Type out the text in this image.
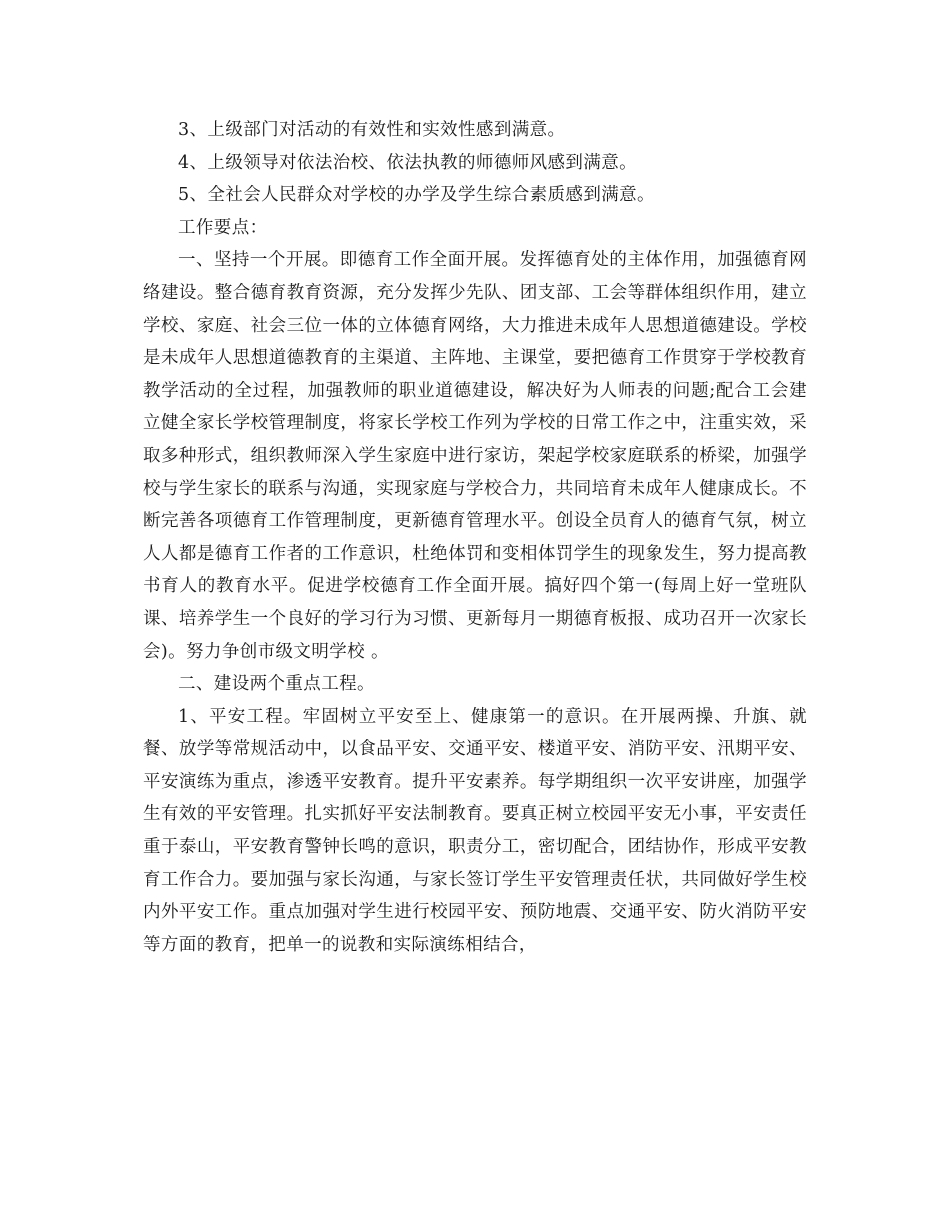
3、上级部门对活动的有效性和实效性感到满意。

4、上级领导对依法治校、依法执教的师德师风感到满意。

5、全社会人民群众对学校的办学及学生综合素质感到满意。

工作要点：

一、坚持一个开展。即德育工作全面开展。发挥德育处的主体作用，加强德育网络建设。整合德育教育资源，充分发挥少先队、团支部、工会等群体组织作用，建立学校、家庭、社会三位一体的立体德育网络，大力推进未成年人思想道德建设。学校是未成年人思想道德教育的主渠道、主阵地、主课堂，要把德育工作贯穿于学校教育教学活动的全过程，加强教师的职业道德建设，解决好为人师表的问题;配合工会建立健全家长学校管理制度，将家长学校工作列为学校的日常工作之中，注重实效，采取多种形式，组织教师深入学生家庭中进行家访，架起学校家庭联系的桥梁，加强学校与学生家长的联系与沟通，实现家庭与学校合力，共同培育未成年人健康成长。不断完善各项德育工作管理制度，更新德育管理水平。创设全员育人的德育气氛，树立人人都是德育工作者的工作意识，杜绝体罚和变相体罚学生的现象发生，努力提高教书育人的教育水平。促进学校德育工作全面开展。搞好四个第一(每周上好一堂班队课、培养学生一个良好的学习行为习惯、更新每月一期德育板报、成功召开一次家长会)。努力争创市级文明学校 。

二、建设两个重点工程。

1、平安工程。牢固树立平安至上、健康第一的意识。在开展两操、升旗、就餐、放学等常规活动中，以食品平安、交通平安、楼道平安、消防平安、汛期平安、平安演练为重点，渗透平安教育。提升平安素养。每学期组织一次平安讲座，加强学生有效的平安管理。扎实抓好平安法制教育。要真正树立校园平安无小事，平安责任重于泰山，平安教育警钟长鸣的意识，职责分工，密切配合，团结协作，形成平安教育工作合力。要加强与家长沟通，与家长签订学生平安管理责任状，共同做好学生校内外平安工作。重点加强对学生进行校园平安、预防地震、交通平安、防火消防平安等方面的教育，把单一的说教和实际演练相结合，
